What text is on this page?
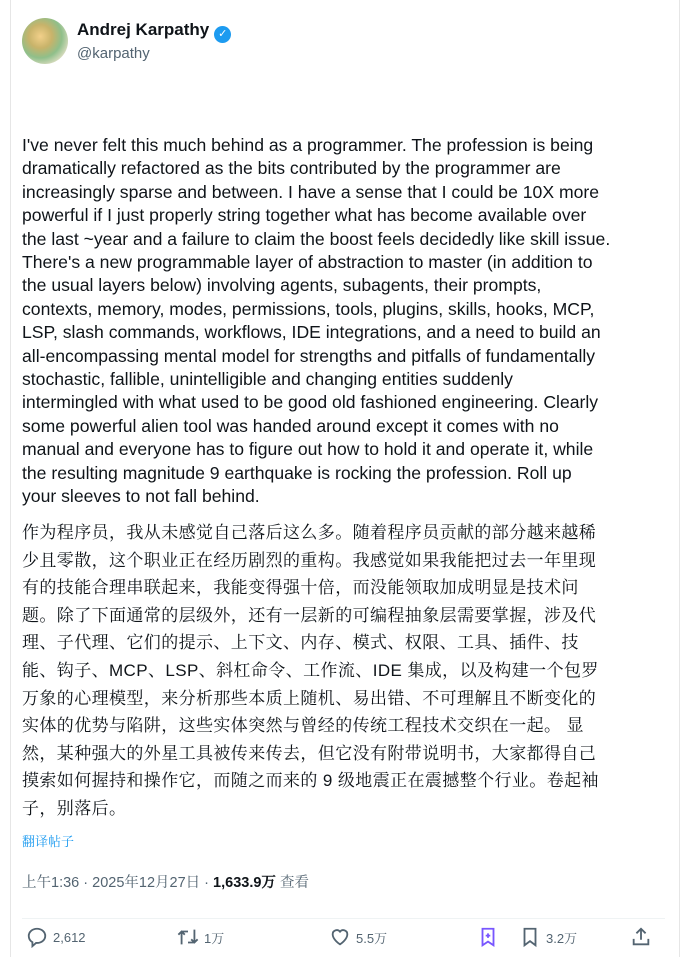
Andrej Karpathy ✓
@karpathy
I've never felt this much behind as a programmer. The profession is being
dramatically refactored as the bits contributed by the programmer are
increasingly sparse and between. I have a sense that I could be 10X more
powerful if I just properly string together what has become available over
the last ~year and a failure to claim the boost feels decidedly like skill issue.
There's a new programmable layer of abstraction to master (in addition to
the usual layers below) involving agents, subagents, their prompts,
contexts, memory, modes, permissions, tools, plugins, skills, hooks, MCP,
LSP, slash commands, workflows, IDE integrations, and a need to build an
all-encompassing mental model for strengths and pitfalls of fundamentally
stochastic, fallible, unintelligible and changing entities suddenly
intermingled with what used to be good old fashioned engineering. Clearly
some powerful alien tool was handed around except it comes with no
manual and everyone has to figure out how to hold it and operate it, while
the resulting magnitude 9 earthquake is rocking the profession. Roll up
your sleeves to not fall behind.
作为程序员，我从未感觉自己落后这么多。随着程序员贡献的部分越来越稀
少且零散，这个职业正在经历剧烈的重构。我感觉如果我能把过去一年里现
有的技能合理串联起来，我能变得强十倍，而没能领取加成明显是技术问
题。除了下面通常的层级外，还有一层新的可编程抽象层需要掌握，涉及代
理、子代理、它们的提示、上下文、内存、模式、权限、工具、插件、技
能、钩子、MCP、LSP、斜杠命令、工作流、IDE 集成，以及构建一个包罗
万象的心理模型，来分析那些本质上随机、易出错、不可理解且不断变化的
实体的优势与陷阱，这些实体突然与曾经的传统工程技术交织在一起。 显
然，某种强大的外星工具被传来传去，但它没有附带说明书，大家都得自己
摸索如何握持和操作它，而随之而来的 9 级地震正在震撼整个行业。卷起袖
子，别落后。
翻译帖子
上午1:36 · 2025年12月27日 · 1,633.9万 查看
2,612	1万	5.5万	3.2万
